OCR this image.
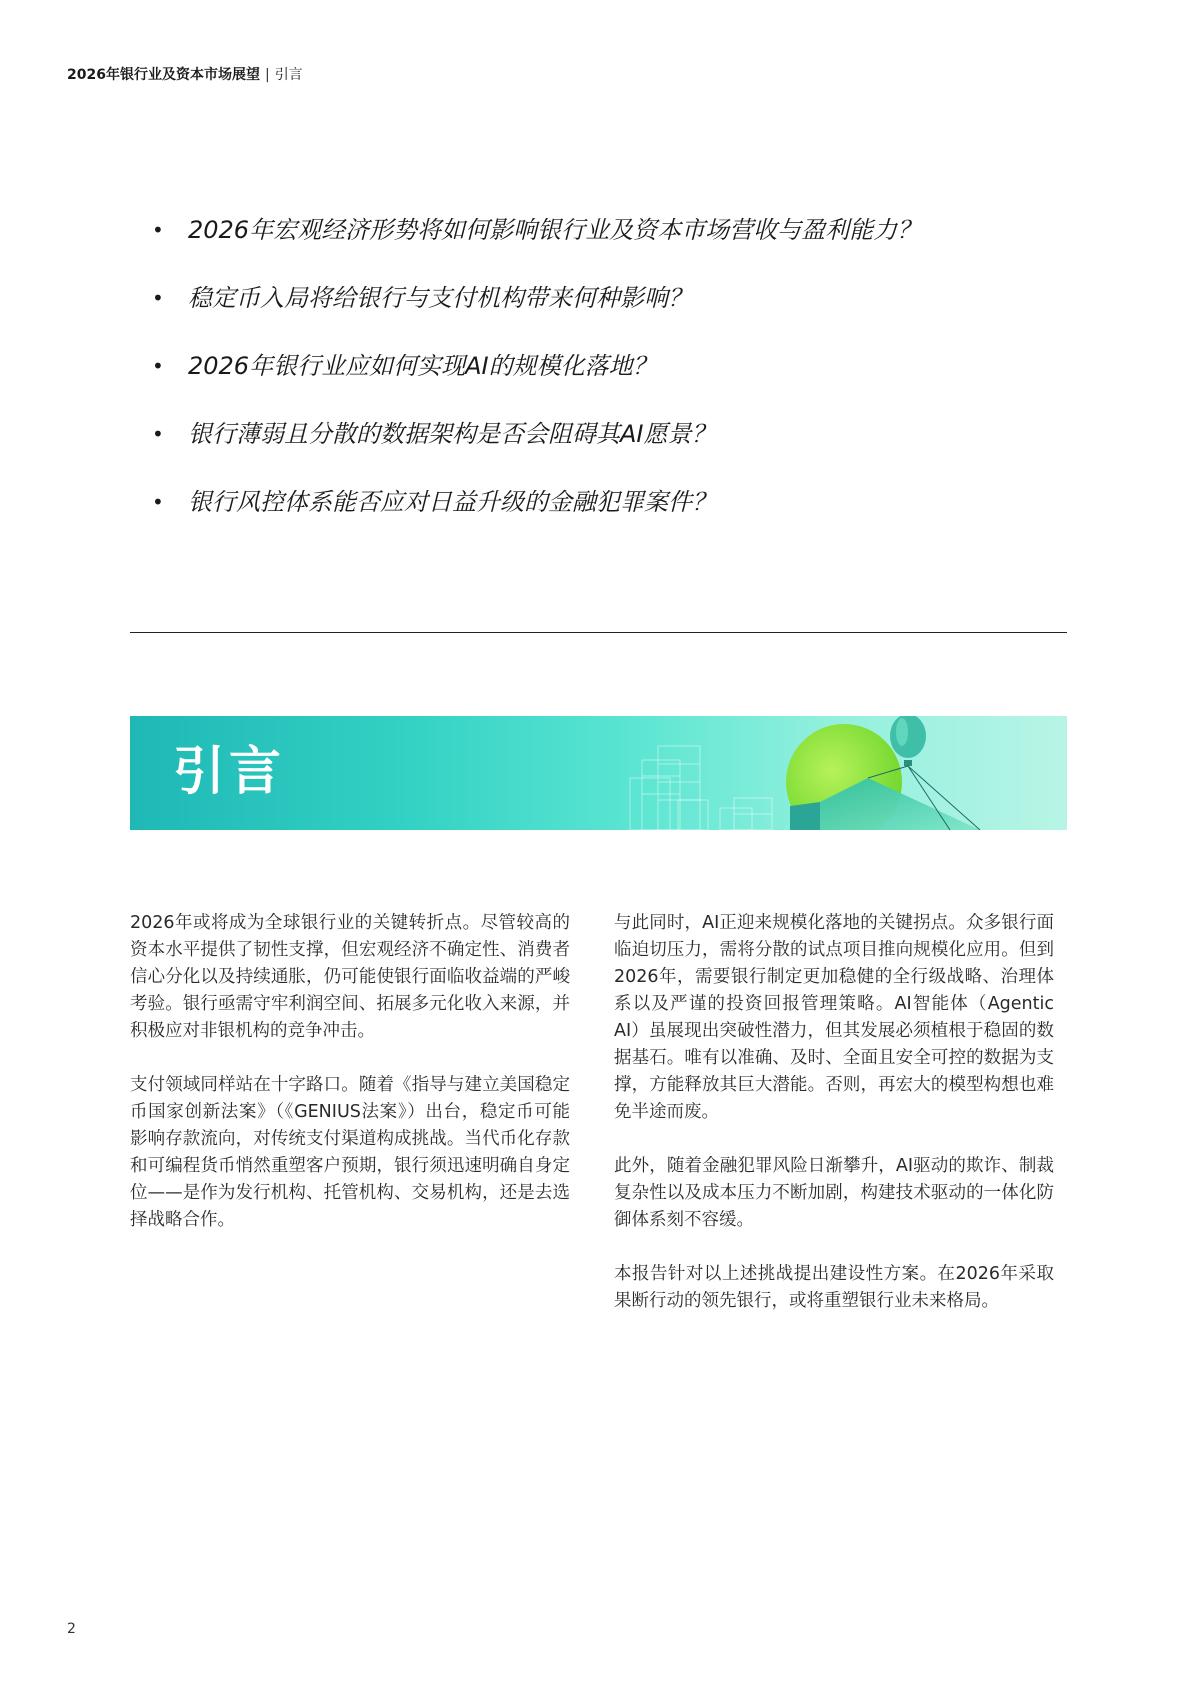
2026年银行业及资本市场展望 | 引言
• 2026年宏观经济形势将如何影响银行业及资本市场营收与盈利能力？
• 稳定币入局将给银行与支付机构带来何种影响？
• 2026年银行业应如何实现AI的规模化落地？
• 银行薄弱且分散的数据架构是否会阻碍其AI愿景？
• 银行风控体系能否应对日益升级的金融犯罪案件？
引言

2026年或将成为全球银行业的关键转折点。尽管较高的资本水平提供了韧性支撑，但宏观经济不确定性、消费者信心分化以及持续通胀，仍可能使银行面临收益端的严峻考验。银行亟需守牢利润空间、拓展多元化收入来源，并积极应对非银机构的竞争冲击。

支付领域同样站在十字路口。随着《指导与建立美国稳定币国家创新法案》（《GENIUS法案》）出台，稳定币可能影响存款流向，对传统支付渠道构成挑战。当代币化存款和可编程货币悄然重塑客户预期，银行须迅速明确自身定位——是作为发行机构、托管机构、交易机构，还是去选择战略合作。

与此同时，AI正迎来规模化落地的关键拐点。众多银行面临迫切压力，需将分散的试点项目推向规模化应用。但到2026年，需要银行制定更加稳健的全行级战略、治理体系以及严谨的投资回报管理策略。AI智能体（Agentic AI）虽展现出突破性潜力，但其发展必须植根于稳固的数据基石。唯有以准确、及时、全面且安全可控的数据为支撑，方能释放其巨大潜能。否则，再宏大的模型构想也难免半途而废。

此外，随着金融犯罪风险日渐攀升，AI驱动的欺诈、制裁复杂性以及成本压力不断加剧，构建技术驱动的一体化防御体系刻不容缓。

本报告针对以上述挑战提出建设性方案。在2026年采取果断行动的领先银行，或将重塑银行业未来格局。

2
